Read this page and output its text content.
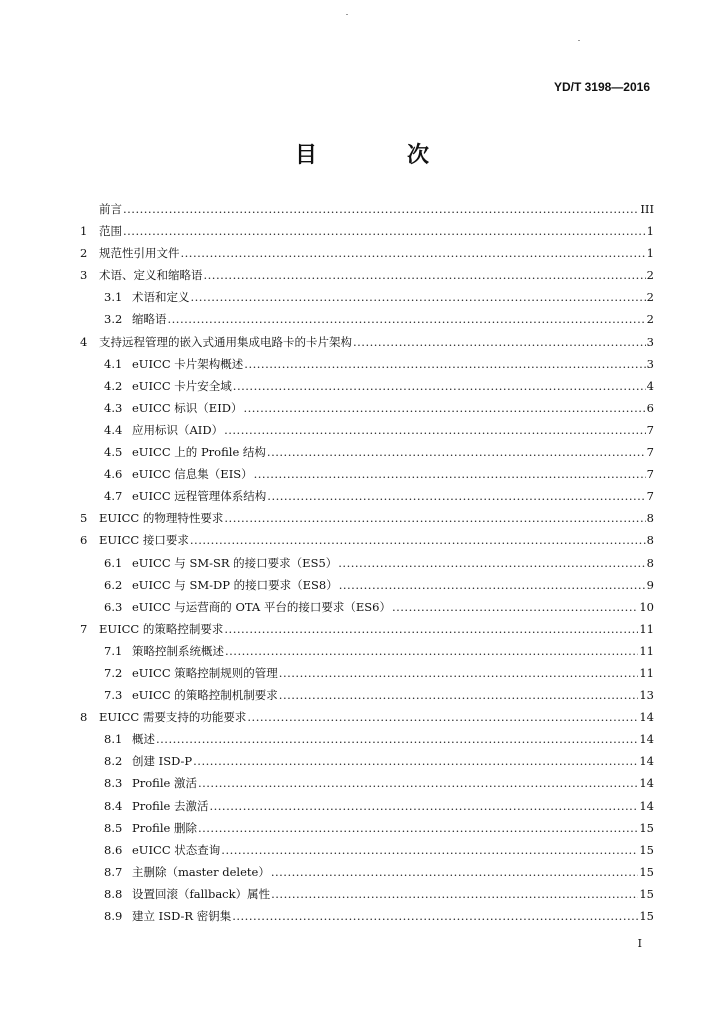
YD/T 3198—2016
目　次
前言 .....	III
1	范围 .....	1
2	规范性引用文件 .....	1
3	术语、定义和缩略语 .....	2
3.1 术语和定义 .....	2
3.2 缩略语 .....	2
4	支持远程管理的嵌入式通用集成电路卡的卡片架构 .....	3
4.1 eUICC 卡片架构概述 .....	3
4.2 eUICC 卡片安全域 .....	4
4.3 eUICC 标识（EID） .....	6
4.4 应用标识（AID） .....	7
4.5 eUICC 上的 Profile 结构 .....	7
4.6 eUICC 信息集（EIS） .....	7
4.7 eUICC 远程管理体系结构 .....	7
5	EUICC 的物理特性要求 .....	8
6	EUICC 接口要求 .....	8
6.1 eUICC 与 SM-SR 的接口要求（ES5） .....	8
6.2 eUICC 与 SM-DP 的接口要求（ES8） .....	9
6.3 eUICC 与运营商的 OTA 平台的接口要求（ES6） .....	10
7	EUICC 的策略控制要求 .....	11
7.1 策略控制系统概述 .....	11
7.2 eUICC 策略控制规则的管理 .....	11
7.3 eUICC 的策略控制机制要求 .....	13
8	EUICC 需要支持的功能要求 .....	14
8.1 概述 .....	14
8.2 创建 ISD-P .....	14
8.3 Profile 激活 .....	14
8.4 Profile 去激活 .....	14
8.5 Profile 删除 .....	15
8.6 eUICC 状态查询 .....	15
8.7 主删除（master delete） .....	15
8.8 设置回滚（fallback）属性 .....	15
8.9 建立 ISD-R 密钥集 .....	15
I
